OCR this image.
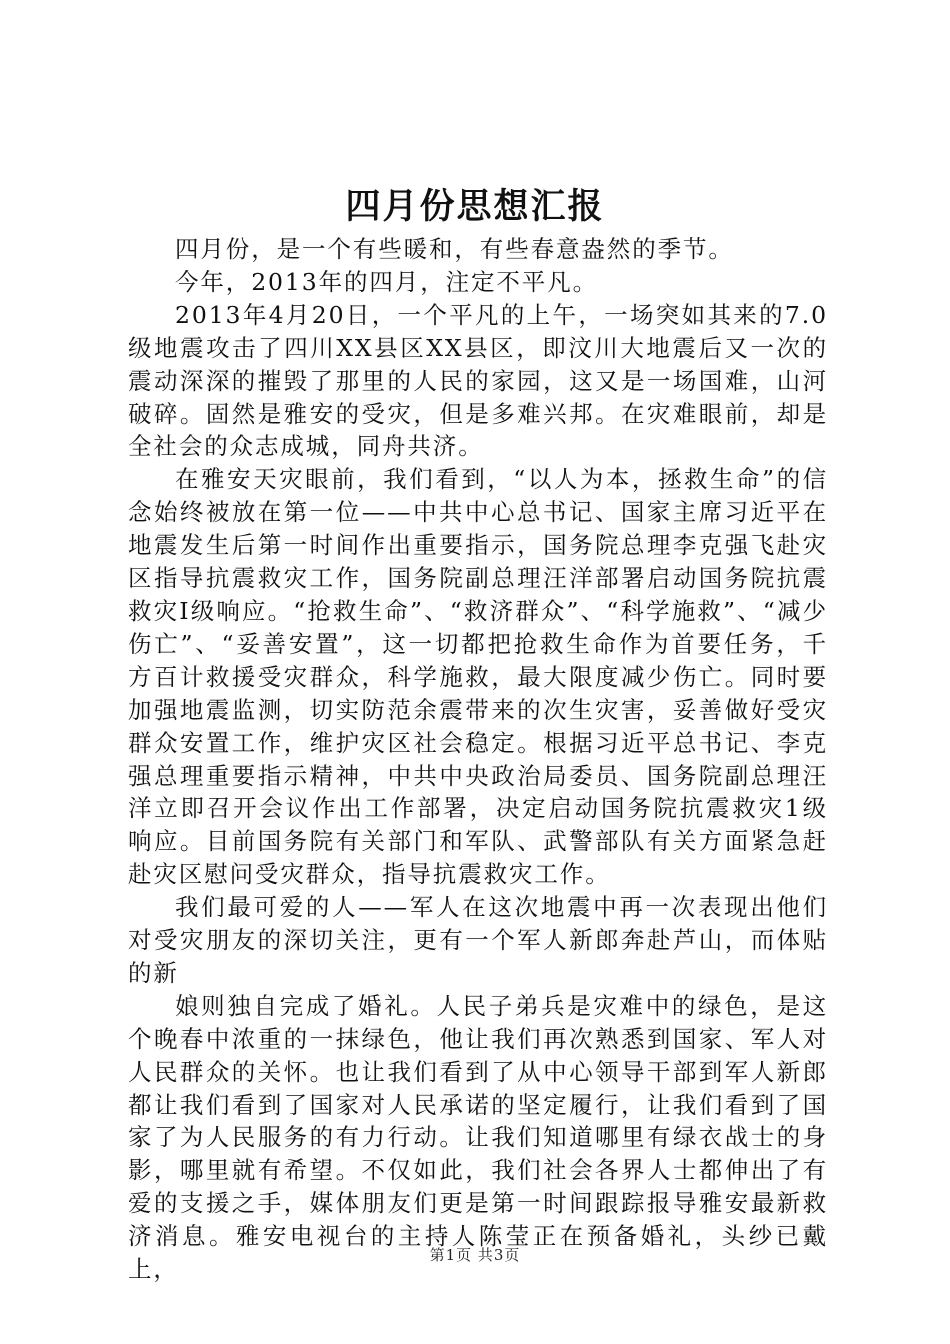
四月份思想汇报

四月份，是一个有些暖和，有些春意盎然的季节。

今年，2013年的四月，注定不平凡。

2013年4月20日，一个平凡的上午，一场突如其来的7.0级地震攻击了四川XX县区XX县区，即汶川大地震后又一次的震动深深的摧毁了那里的人民的家园，这又是一场国难，山河破碎。固然是雅安的受灾，但是多难兴邦。在灾难眼前，却是全社会的众志成城，同舟共济。

在雅安天灾眼前，我们看到，“以人为本，拯救生命”的信念始终被放在第一位——中共中心总书记、国家主席习近平在地震发生后第一时间作出重要指示，国务院总理李克强飞赴灾区指导抗震救灾工作，国务院副总理汪洋部署启动国务院抗震救灾I级响应。“抢救生命”、“救济群众”、“科学施救”、“减少伤亡”、“妥善安置”，这一切都把抢救生命作为首要任务，千方百计救援受灾群众，科学施救，最大限度减少伤亡。同时要加强地震监测，切实防范余震带来的次生灾害，妥善做好受灾群众安置工作，维护灾区社会稳定。根据习近平总书记、李克强总理重要指示精神，中共中央政治局委员、国务院副总理汪洋立即召开会议作出工作部署，决定启动国务院抗震救灾1级响应。目前国务院有关部门和军队、武警部队有关方面紧急赶赴灾区慰问受灾群众，指导抗震救灾工作。

我们最可爱的人——军人在这次地震中再一次表现出他们对受灾朋友的深切关注，更有一个军人新郎奔赴芦山，而体贴的新

娘则独自完成了婚礼。人民子弟兵是灾难中的绿色，是这个晚春中浓重的一抹绿色，他让我们再次熟悉到国家、军人对人民群众的关怀。也让我们看到了从中心领导干部到军人新郎都让我们看到了国家对人民承诺的坚定履行，让我们看到了国家了为人民服务的有力行动。让我们知道哪里有绿衣战士的身影，哪里就有希望。不仅如此，我们社会各界人士都伸出了有爱的支援之手，媒体朋友们更是第一时间跟踪报导雅安最新救济消息。雅安电视台的主持人陈莹正在预备婚礼，头纱已戴上，

第1页 共3页
